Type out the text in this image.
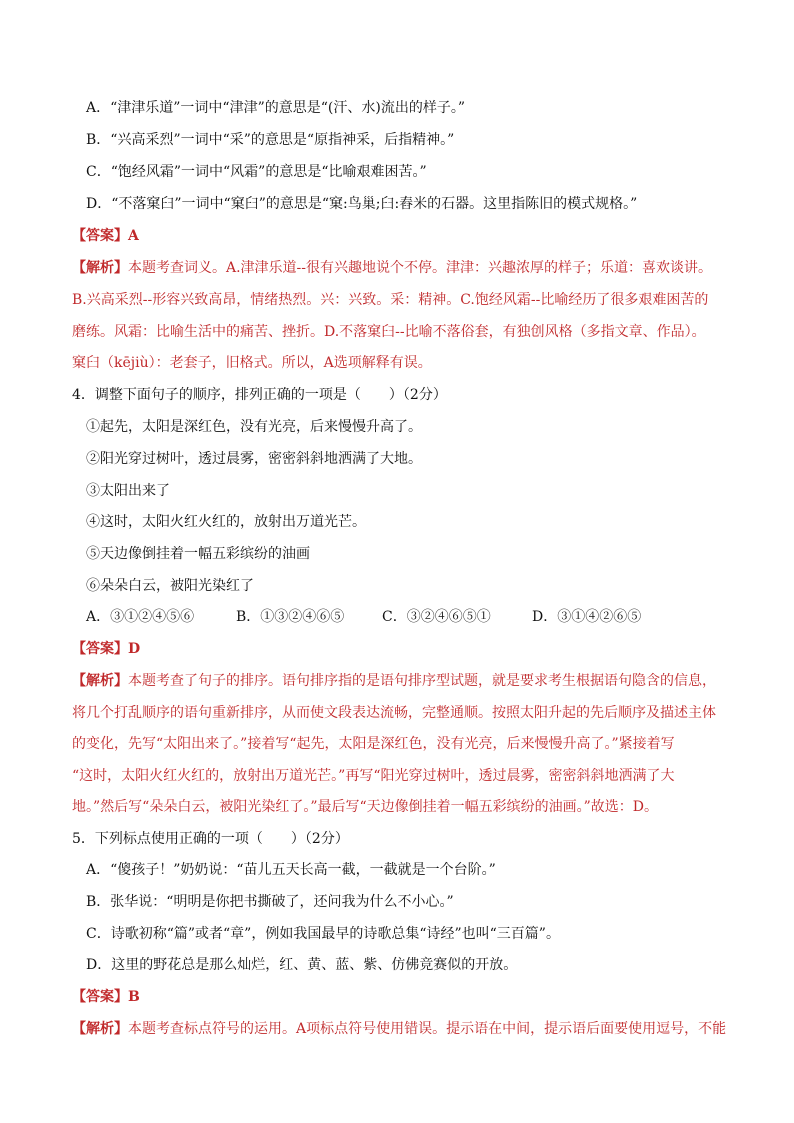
A．“津津乐道”一词中“津津”的意思是“(汗、水)流出的样子。”
B．“兴高采烈”一词中“采”的意思是“原指神采，后指精神。”
C．“饱经风霜”一词中“风霜”的意思是“比喻艰难困苦。”
D．“不落窠臼”一词中“窠臼”的意思是“窠:鸟巢;臼:舂米的石器。这里指陈旧的模式规格。”
【答案】A
【解析】本题考查词义。A.津津乐道--很有兴趣地说个不停。津津：兴趣浓厚的样子；乐道：喜欢谈讲。
B.兴高采烈--形容兴致高昂，情绪热烈。兴：兴致。采：精神。C.饱经风霜--比喻经历了很多艰难困苦的
磨练。风霜：比喻生活中的痛苦、挫折。D.不落窠臼--比喻不落俗套，有独创风格（多指文章、作品）。
窠臼（kējiù）：老套子，旧格式。所以，A选项解释有误。
4．调整下面句子的顺序，排列正确的一项是（　　）（2分）
①起先，太阳是深红色，没有光亮，后来慢慢升高了。
②阳光穿过树叶，透过晨雾，密密斜斜地洒满了大地。
③太阳出来了
④这时，太阳火红火红的，放射出万道光芒。
⑤天边像倒挂着一幅五彩缤纷的油画
⑥朵朵白云，被阳光染红了
A．③①②④⑤⑥	B．①③②④⑥⑤	C．③②④⑥⑤①	D．③①④②⑥⑤
【答案】D
【解析】本题考查了句子的排序。语句排序指的是语句排序型试题，就是要求考生根据语句隐含的信息，
将几个打乱顺序的语句重新排序，从而使文段表达流畅，完整通顺。按照太阳升起的先后顺序及描述主体
的变化，先写“太阳出来了。”接着写“起先，太阳是深红色，没有光亮，后来慢慢升高了。”紧接着写
“这时，太阳火红火红的，放射出万道光芒。”再写“阳光穿过树叶，透过晨雾，密密斜斜地洒满了大
地。”然后写“朵朵白云，被阳光染红了。”最后写“天边像倒挂着一幅五彩缤纷的油画。”故选：D。
5．下列标点使用正确的一项（　　）（2分）
A．“傻孩子！”奶奶说：“苗儿五天长高一截，一截就是一个台阶。”
B．张华说：“明明是你把书撕破了，还问我为什么不小心。”
C．诗歌初称“篇”或者“章”，例如我国最早的诗歌总集“诗经”也叫“三百篇”。
D．这里的野花总是那么灿烂，红、黄、蓝、紫、仿佛竞赛似的开放。
【答案】B
【解析】本题考查标点符号的运用。A项标点符号使用错误。提示语在中间，提示语后面要使用逗号，不能
